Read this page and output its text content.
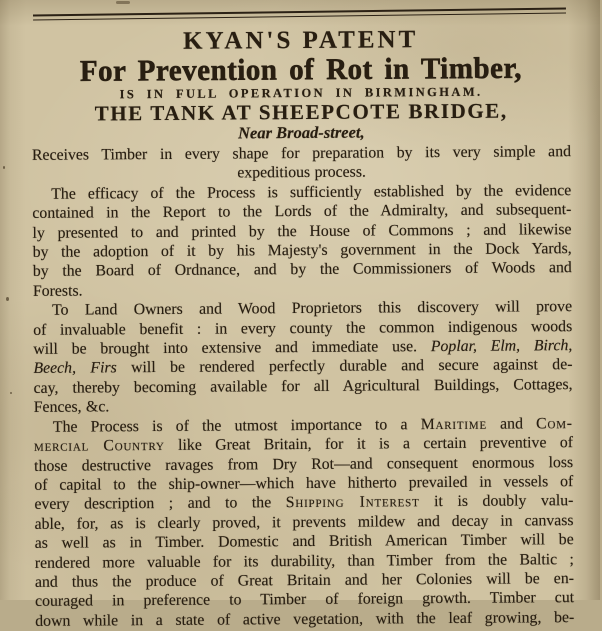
KYAN'S PATENT
For Prevention of Rot in Timber,
IS IN FULL OPERATION IN BIRMINGHAM.
THE TANK AT SHEEPCOTE BRIDGE,
Near Broad-street,
Receives Timber in every shape for preparation by its very simple and
expeditious process.
The efficacy of the Process is sufficiently established by the evidence
contained in the Report to the Lords of the Admiralty, and subsequent-
ly presented to and printed by the House of Commons ; and likewise
by the adoption of it by his Majesty's government in the Dock Yards,
by the Board of Ordnance, and by the Commissioners of Woods and
Forests.
To Land Owners and Wood Proprietors this discovery will prove
of invaluable benefit : in every county the common indigenous woods
will be brought into extensive and immediate use. Poplar, Elm, Birch,
Beech, Firs will be rendered perfectly durable and secure against de-
cay, thereby becoming available for all Agricultural Buildings, Cottages,
Fences, &c.
The Process is of the utmost importance to a Maritime and Com-
mercial Country like Great Britain, for it is a certain preventive of
those destructive ravages from Dry Rot—and consequent enormous loss
of capital to the ship-owner—which have hitherto prevailed in vessels of
every description ; and to the Shipping Interest it is doubly valu-
able, for, as is clearly proved, it prevents mildew and decay in canvass
as well as in Timber. Domestic and British American Timber will be
rendered more valuable for its durability, than Timber from the Baltic ;
and thus the produce of Great Britain and her Colonies will be en-
couraged in preference to Timber of foreign growth. Timber cut
down while in a state of active vegetation, with the leaf growing, be-
